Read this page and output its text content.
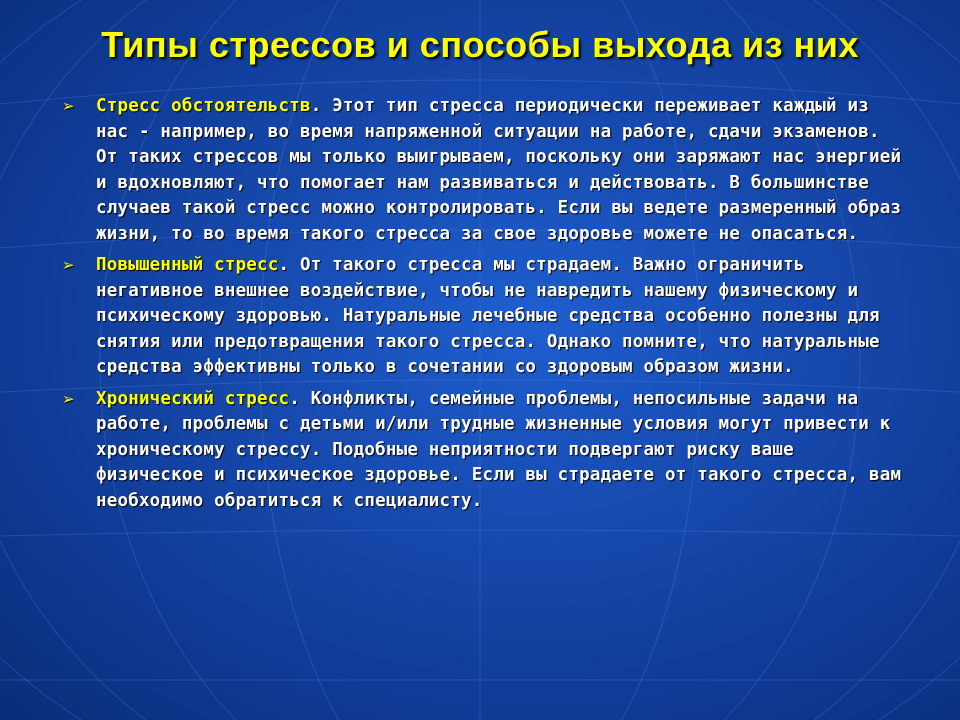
Типы стрессов и способы выхода из них
➢ Стресс обстоятельств. Этот тип стресса периодически переживает каждый из нас - например, во время напряженной ситуации на работе, сдачи экзаменов. От таких стрессов мы только выигрываем, поскольку они заряжают нас энергией и вдохновляют, что помогает нам развиваться и действовать. В большинстве случаев такой стресс можно контролировать. Если вы ведете размеренный образ жизни, то во время такого стресса за свое здоровье можете не опасаться.
➢ Повышенный стресс. От такого стресса мы страдаем. Важно ограничить негативное внешнее воздействие, чтобы не навредить нашему физическому и психическому здоровью. Натуральные лечебные средства особенно полезны для снятия или предотвращения такого стресса. Однако помните, что натуральные средства эффективны только в сочетании со здоровым образом жизни.
➢ Хронический стресс. Конфликты, семейные проблемы, непосильные задачи на работе, проблемы с детьми и/или трудные жизненные условия могут привести к хроническому стрессу. Подобные неприятности подвергают риску ваше физическое и психическое здоровье. Если вы страдаете от такого стресса, вам необходимо обратиться к специалисту.
